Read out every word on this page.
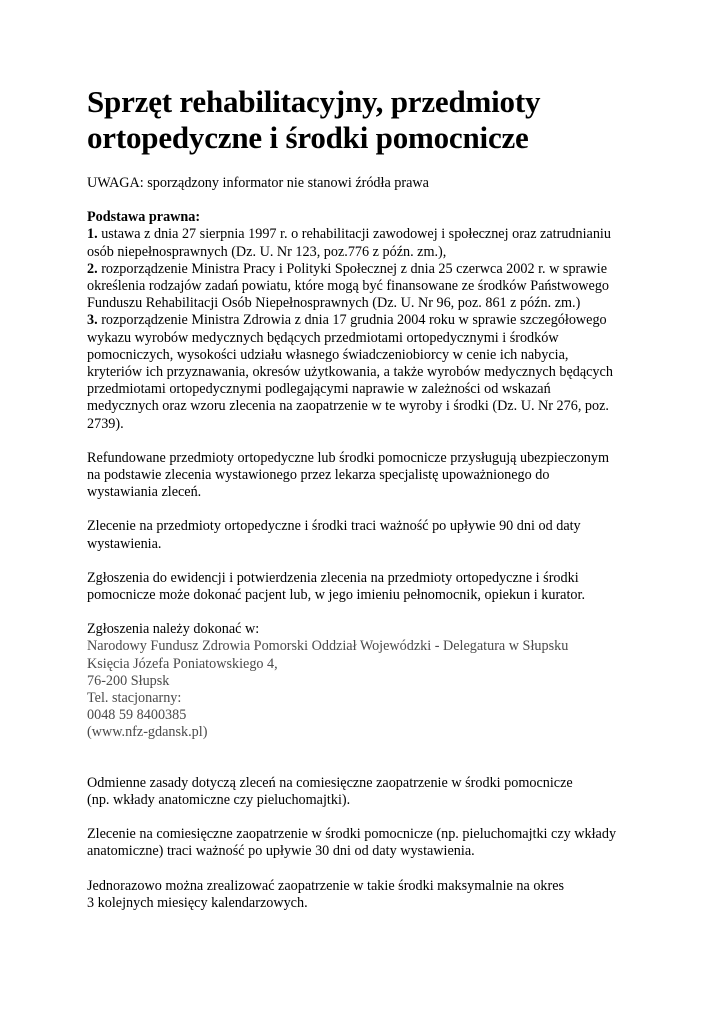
Sprzęt rehabilitacyjny, przedmioty
ortopedyczne i środki pomocnicze

UWAGA: sporządzony informator nie stanowi źródła prawa

Podstawa prawna:
1. ustawa z dnia 27 sierpnia 1997 r. o rehabilitacji zawodowej i społecznej oraz zatrudnianiu
osób niepełnosprawnych (Dz. U. Nr 123, poz.776 z późn. zm.),
2. rozporządzenie Ministra Pracy i Polityki Społecznej z dnia 25 czerwca 2002 r. w sprawie
określenia rodzajów zadań powiatu, które mogą być finansowane ze środków Państwowego
Funduszu Rehabilitacji Osób Niepełnosprawnych (Dz. U. Nr 96, poz. 861 z późn. zm.)
3. rozporządzenie Ministra Zdrowia z dnia 17 grudnia 2004 roku w sprawie szczegółowego
wykazu wyrobów medycznych będących przedmiotami ortopedycznymi i środków
pomocniczych, wysokości udziału własnego świadczeniobiorcy w cenie ich nabycia,
kryteriów ich przyznawania, okresów użytkowania, a także wyrobów medycznych będących
przedmiotami ortopedycznymi podlegającymi naprawie w zależności od wskazań
medycznych oraz wzoru zlecenia na zaopatrzenie w te wyroby i środki (Dz. U. Nr 276, poz.
2739).

Refundowane przedmioty ortopedyczne lub środki pomocnicze przysługują ubezpieczonym
na podstawie zlecenia wystawionego przez lekarza specjalistę upoważnionego do
wystawiania zleceń.

Zlecenie na przedmioty ortopedyczne i środki traci ważność po upływie 90 dni od daty
wystawienia.

Zgłoszenia do ewidencji i potwierdzenia zlecenia na przedmioty ortopedyczne i środki
pomocnicze może dokonać pacjent lub, w jego imieniu pełnomocnik, opiekun i kurator.

Zgłoszenia należy dokonać w:
Narodowy Fundusz Zdrowia Pomorski Oddział Wojewódzki - Delegatura w Słupsku
Księcia Józefa Poniatowskiego 4,
76-200 Słupsk
Tel. stacjonarny:
0048 59 8400385
(www.nfz-gdansk.pl)

Odmienne zasady dotyczą zleceń na comiesięczne zaopatrzenie w środki pomocnicze
(np. wkłady anatomiczne czy pieluchomajtki).

Zlecenie na comiesięczne zaopatrzenie w środki pomocnicze (np. pieluchomajtki czy wkłady
anatomiczne) traci ważność po upływie 30 dni od daty wystawienia.

Jednorazowo można zrealizować zaopatrzenie w takie środki maksymalnie na okres
3 kolejnych miesięcy kalendarzowych.
